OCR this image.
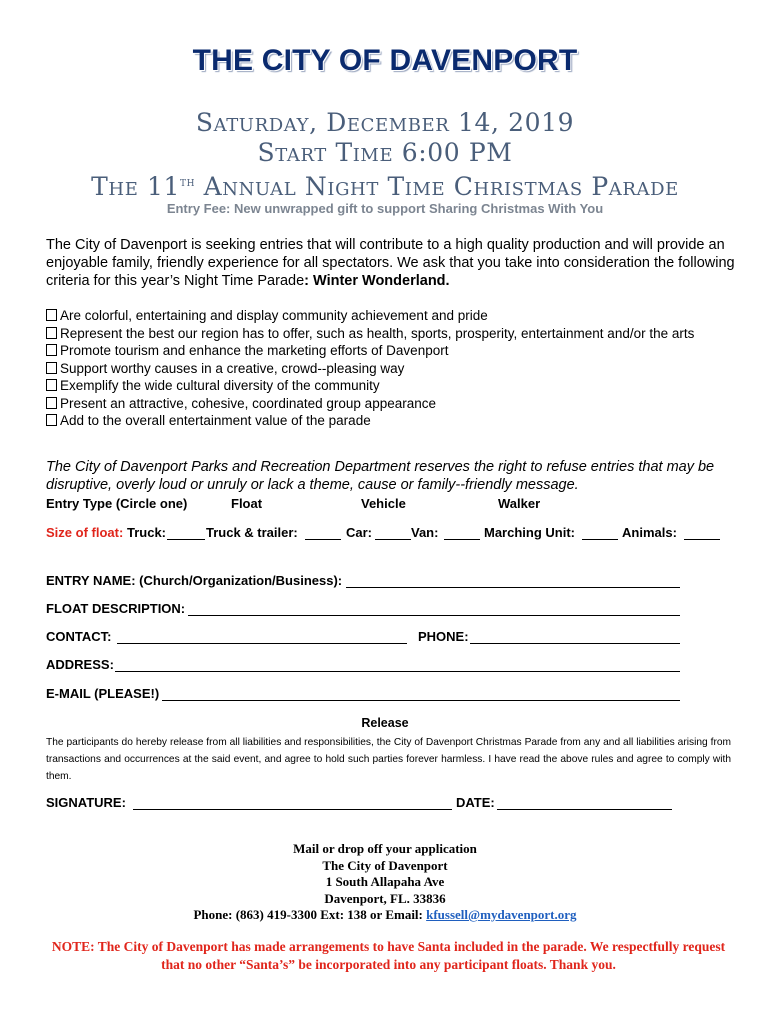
THE CITY OF DAVENPORT
Saturday, December 14, 2019
Start Time 6:00 PM
The 11th Annual Night Time Christmas Parade
Entry Fee: New unwrapped gift to support Sharing Christmas With You
The City of Davenport is seeking entries that will contribute to a high quality production and will provide an enjoyable family, friendly experience for all spectators. We ask that you take into consideration the following criteria for this year’s Night Time Parade: Winter Wonderland.
Are colorful, entertaining and display community achievement and pride
Represent the best our region has to offer, such as health, sports, prosperity, entertainment and/or the arts
Promote tourism and enhance the marketing efforts of Davenport
Support worthy causes in a creative, crowd--pleasing way
Exemplify the wide cultural diversity of the community
Present an attractive, cohesive, coordinated group appearance
Add to the overall entertainment value of the parade
The City of Davenport Parks and Recreation Department reserves the right to refuse entries that may be disruptive, overly loud or unruly or lack a theme, cause or family--friendly message.
Entry Type (Circle one)	Float	Vehicle	Walker
Size of float: Truck:	Truck & trailer:	Car:	Van:	Marching Unit:	Animals:
ENTRY NAME: (Church/Organization/Business):
FLOAT DESCRIPTION:
CONTACT:	PHONE:
ADDRESS:
E-MAIL (PLEASE!)
Release
The participants do hereby release from all liabilities and responsibilities, the City of Davenport Christmas Parade from any and all liabilities arising from transactions and occurrences at the said event, and agree to hold such parties forever harmless. I have read the above rules and agree to comply with them.
SIGNATURE:	DATE:
Mail or drop off your application
The City of Davenport
1 South Allapaha Ave
Davenport, FL. 33836
Phone: (863) 419-3300 Ext: 138 or Email: kfussell@mydavenport.org
NOTE: The City of Davenport has made arrangements to have Santa included in the parade. We respectfully request that no other “Santa’s” be incorporated into any participant floats. Thank you.
